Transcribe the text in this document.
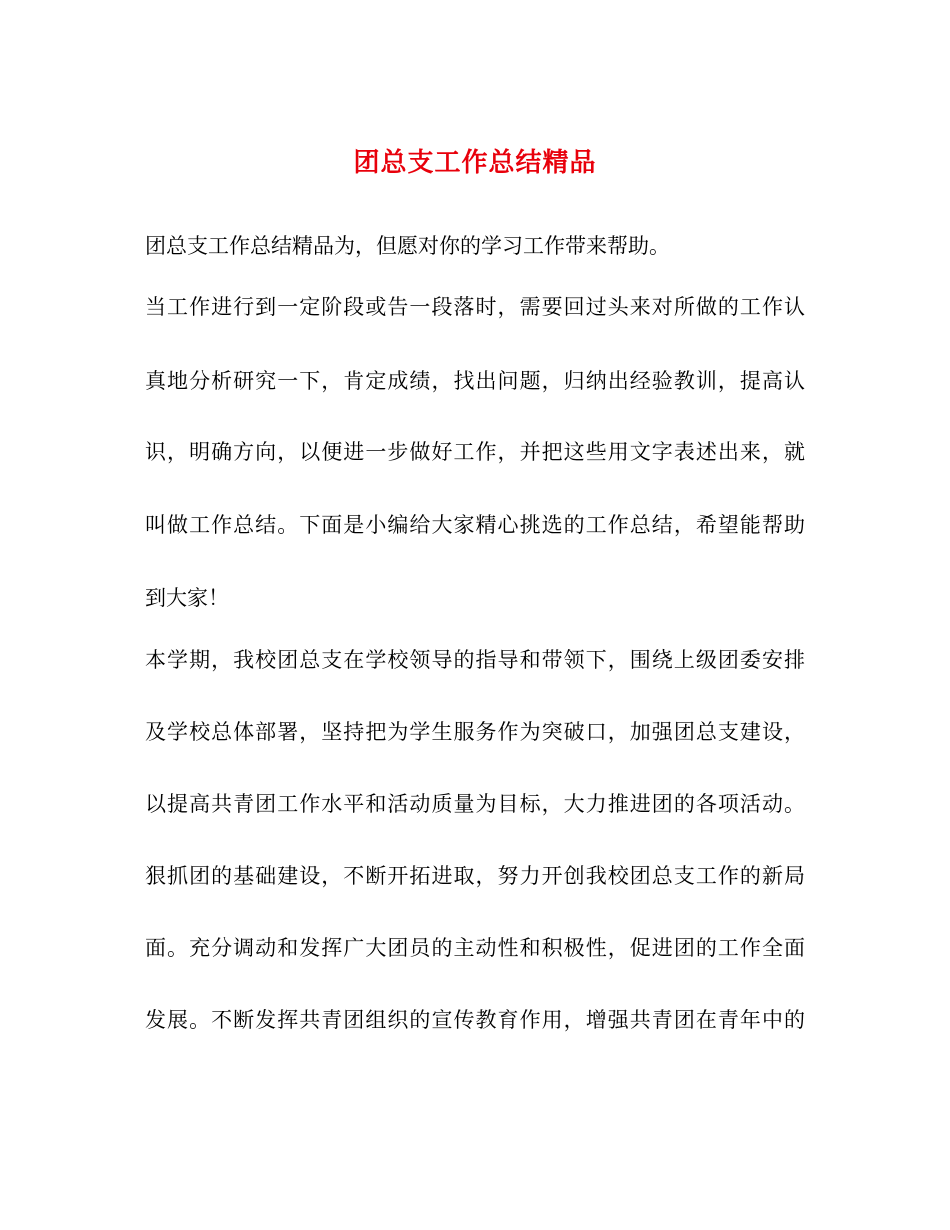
团总支工作总结精品
团总支工作总结精品为，但愿对你的学习工作带来帮助。
当工作进行到一定阶段或告一段落时，需要回过头来对所做的工作认
真地分析研究一下，肯定成绩，找出问题，归纳出经验教训，提高认
识，明确方向，以便进一步做好工作，并把这些用文字表述出来，就
叫做工作总结。下面是小编给大家精心挑选的工作总结，希望能帮助
到大家！
本学期，我校团总支在学校领导的指导和带领下，围绕上级团委安排
及学校总体部署，坚持把为学生服务作为突破口，加强团总支建设，
以提高共青团工作水平和活动质量为目标，大力推进团的各项活动。
狠抓团的基础建设，不断开拓进取，努力开创我校团总支工作的新局
面。充分调动和发挥广大团员的主动性和积极性，促进团的工作全面
发展。不断发挥共青团组织的宣传教育作用，增强共青团在青年中的
